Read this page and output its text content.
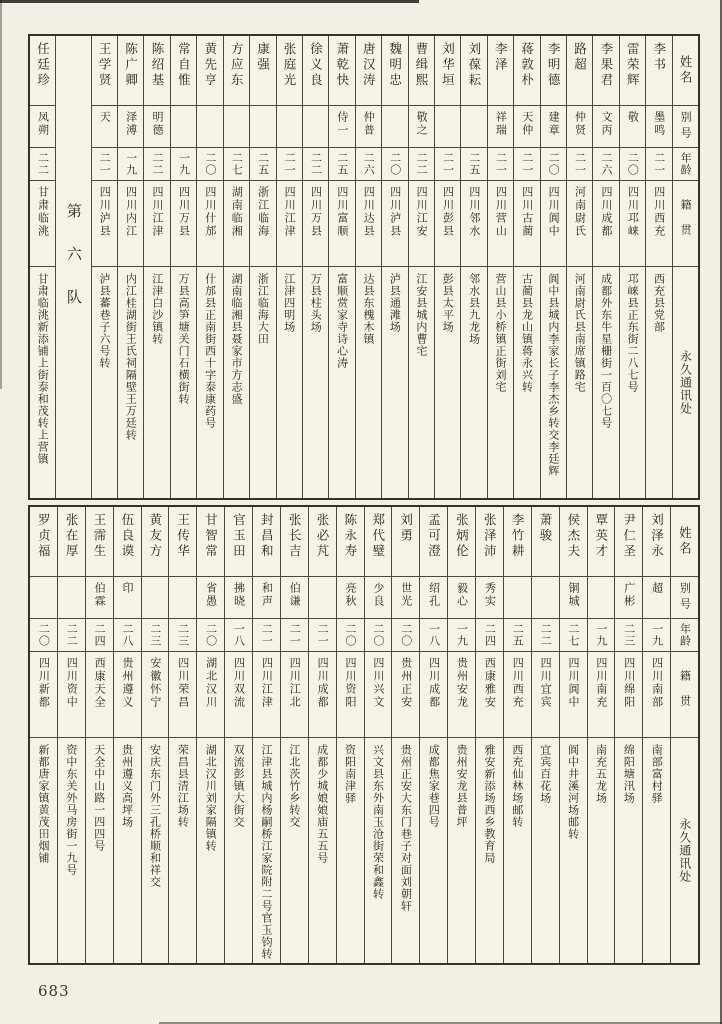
姓名
别号
年龄
籍贯
永久通讯处
李书
墨鸣
二一
四川西充
西充县党部
雷荣辉
敬
二〇
四川邛崃
邛崃县正东街二八七号
李果君
文丙
二六
四川成都
成都外东牛星栅街一百〇七号
路超
仲贤
二一
河南尉氏
河南尉氏县南席镇路宅
李明德
建章
二〇
四川阆中
阆中县城内李家长子李杰乡转交李廷辉
蒋敦朴
天仲
二一
四川古蔺
古蔺县龙山镇蒋永兴转
李泽
祥瑞
二一
四川营山
营山县小桥镇正街刘宅
刘葆耘
二五
四川邻水
邻水县九龙场
刘华垣
二一
四川彭县
彭县太平场
曹缉熙
敬之
二二
四川江安
江安县城内曹宅
魏明忠
二〇
四川泸县
泸县通滩场
唐汉涛
仲普
二六
四川达县
达县东槐木镇
萧乾快
侍一
二五
四川富顺
富顺赏家寺诗心涛
徐义良
二二
四川万县
万县柱头场
张庭光
二一
四川江津
江津四明场
康强
二五
浙江临海
浙江临海大田
方应东
二七
湖南临湘
湖南临湘县聂家市方志盛
黄先亨
二〇
四川什邡
什邡县正南街西十字泰康药号
常自惟
一九
四川万县
万县高笋塘关门石横街转
陈绍基
明德
二二
四川江津
江津白沙镇转
陈广卿
泽溥
一九
四川内江
内江桂湖街王氏祠隔壁王万廷转
王学贤
天
二一
四川泸县
泸县蕃巷子六号转
第六队
任廷珍
凤朔
二二
甘肃临洮
甘肃临洮新添铺上街泰和茂转上营镇
姓名
别号
年龄
籍贯
永久通讯处
刘泽永
超
一九
四川南部
南部富村驿
尹仁圣
广彬
二三
四川绵阳
绵阳塘汛场
覃英才
一九
四川南充
南充五龙场
侯杰夫
铜城
二七
四川阆中
阆中井溪河场邮转
萧骏
二二
四川宜宾
宜宾百花场
李竹耕
二五
四川西充
西充仙林场邮转
张泽沛
秀实
二四
西康雅安
雅安新添场西乡教育局
张炳伦
毅心
一九
贵州安龙
贵州安龙县普坪
孟可澄
绍孔
一八
四川成都
成都焦家巷四号
刘勇
世光
二〇
贵州正安
贵州正安大东门巷子对面刘朝轩
郑代璧
少良
二〇
四川兴文
兴文县东外南玉沧街荣和鑫转
陈永寿
亮秋
二〇
四川资阳
资阳南津驿
张必芃
二一
四川成都
成都少城娘娘庙五五号
张长吉
伯谦
二一
四川江北
江北茨竹乡转交
封昌和
和声
二一
四川江津
江津县城内杨嗣桥江家院附二号官玉钧转
官玉田
拂晓
一八
四川双流
双流彭镇大街交
甘智常
省愚
二〇
湖北汉川
湖北汉川刘家隔镇转
王传华
二三
四川荣昌
荣昌县清江场转
黄友方
二三
安徽怀宁
安庆东门外三孔桥顺和祥交
伍良谟
印
二八
贵州遵义
贵州遵义高坪场
王霈生
伯霖
二四
西康天全
天全中山路一四四号
张在厚
二二
四川资中
资中东关外马房街一九号
罗贞福
二〇
四川新都
新都唐家镇黄茂田烟铺
683
